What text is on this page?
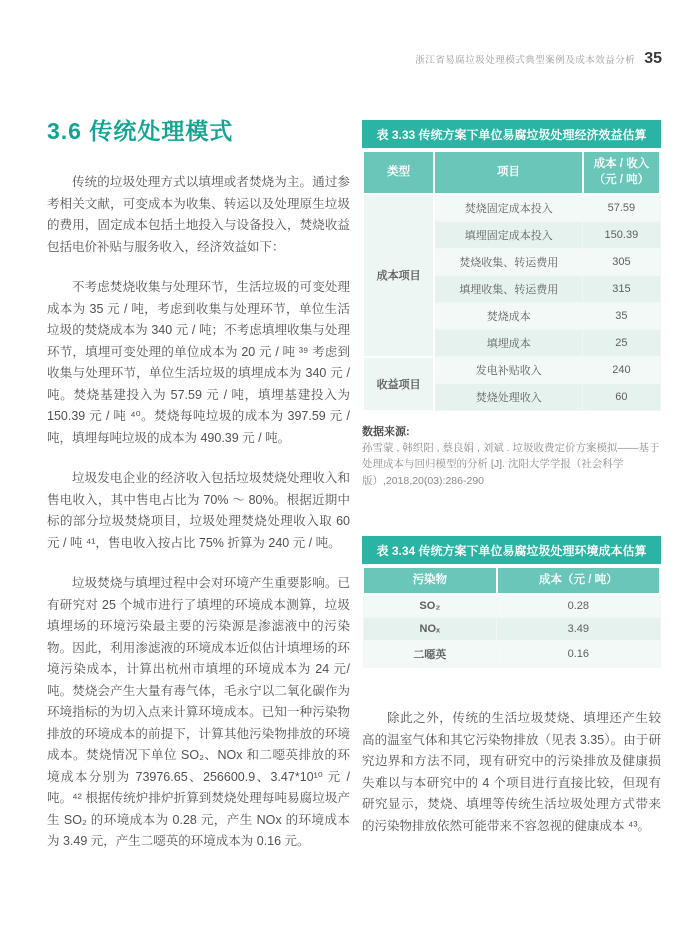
浙江省易腐垃圾处理模式典型案例及成本效益分析 35
3.6 传统处理模式

传统的垃圾处理方式以填埋或者焚烧为主。通过参考相关文献，可变成本为收集、转运以及处理原生垃圾的费用，固定成本包括土地投入与设备投入，焚烧收益包括电价补贴与服务收入，经济效益如下：

不考虑焚烧收集与处理环节，生活垃圾的可变处理成本为 35 元 / 吨，考虑到收集与处理环节，单位生活垃圾的焚烧成本为 340 元 / 吨；不考虑填埋收集与处理环节，填埋可变处理的单位成本为 20 元 / 吨 ³⁹ 考虑到收集与处理环节，单位生活垃圾的填埋成本为 340 元 / 吨。焚烧基建投入为 57.59 元 / 吨，填埋基建投入为 150.39 元 / 吨 ⁴⁰。焚烧每吨垃圾的成本为 397.59 元 / 吨，填埋每吨垃圾的成本为 490.39 元 / 吨。

垃圾发电企业的经济收入包括垃圾焚烧处理收入和售电收入，其中售电占比为 70% ～ 80%。根据近期中标的部分垃圾焚烧项目，垃圾处理焚烧处理收入取 60 元 / 吨 ⁴¹，售电收入按占比 75% 折算为 240 元 / 吨。

垃圾焚烧与填埋过程中会对环境产生重要影响。已有研究对 25 个城市进行了填埋的环境成本测算，垃圾填埋场的环境污染最主要的污染源是渗滤液中的污染物。因此，利用渗滤液的环境成本近似估计填埋场的环境污染成本，计算出杭州市填埋的环境成本为 24 元/吨。焚烧会产生大量有毒气体，毛永宁以二氧化碳作为环境指标的为切入点来计算环境成本。已知一种污染物排放的环境成本的前提下，计算其他污染物排放的环境成本。焚烧情况下单位 SO₂、NOx 和二噁英排放的环境成本分别为 73976.65、256600.9、3.47*10¹⁰ 元 / 吨。⁴² 根据传统炉排炉折算到焚烧处理每吨易腐垃圾产生 SO₂ 的环境成本为 0.28 元，产生 NOx 的环境成本为 3.49 元，产生二噁英的环境成本为 0.16 元。

表 3.33 传统方案下单位易腐垃圾处理经济效益估算
类型	项目	成本 / 收入
（元 / 吨）

成本项目	焚烧固定成本投入	57.59
	填埋固定成本投入	150.39
	焚烧收集、转运费用	305
	填埋收集、转运费用	315
	焚烧成本	35
	填埋成本	25
收益项目	发电补贴收入	240
	焚烧处理收入	60
数据来源:
孙雪蒙 , 韩织阳 , 蔡良娟 , 刘斌 . 垃圾收费定价方案模拟——基于处理成本与回归模型的分析 [J]. 沈阳大学学报（社会科学版）,2018,20(03):286-290
表 3.34 传统方案下单位易腐垃圾处理环境成本估算
污染物	成本（元 / 吨）
SO₂	0.28
NOₓ	3.49
二噁英	0.16

除此之外，传统的生活垃圾焚烧、填埋还产生较高的温室气体和其它污染物排放（见表 3.35）。由于研究边界和方法不同，现有研究中的污染排放及健康损失难以与本研究中的 4 个项目进行直接比较，但现有研究显示，焚烧、填埋等传统生活垃圾处理方式带来的污染物排放依然可能带来不容忽视的健康成本 ⁴³。
